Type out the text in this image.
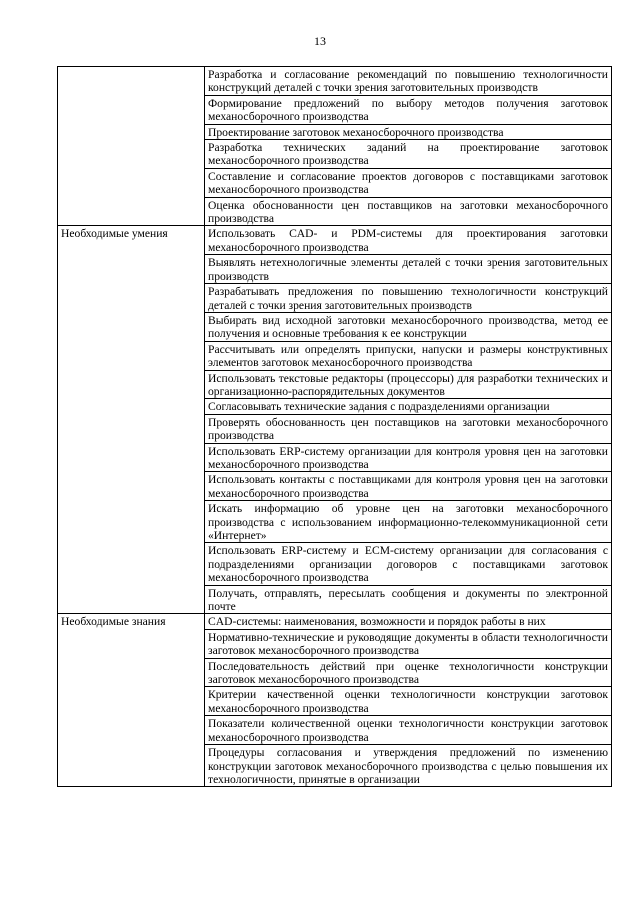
13
	Разработка и согласование рекомендаций по повышению технологичности конструкций деталей с точки зрения заготовительных производств
	Формирование предложений по выбору методов получения заготовок механосборочного производства
	Проектирование заготовок механосборочного производства
	Разработка технических заданий на проектирование заготовок механосборочного производства
	Составление и согласование проектов договоров с поставщиками заготовок механосборочного производства
	Оценка обоснованности цен поставщиков на заготовки механосборочного производства
Необходимые умения	Использовать CAD- и PDM-системы для проектирования заготовки механосборочного производства
	Выявлять нетехнологичные элементы деталей с точки зрения заготовительных производств
	Разрабатывать предложения по повышению технологичности конструкций деталей с точки зрения заготовительных производств
	Выбирать вид исходной заготовки механосборочного производства, метод ее получения и основные требования к ее конструкции
	Рассчитывать или определять припуски, напуски и размеры конструктивных элементов заготовок механосборочного производства
	Использовать текстовые редакторы (процессоры) для разработки технических и организационно-распорядительных документов
	Согласовывать технические задания с подразделениями организации
	Проверять обоснованность цен поставщиков на заготовки механосборочного производства
	Использовать ERP-систему организации для контроля уровня цен на заготовки механосборочного производства
	Использовать контакты с поставщиками для контроля уровня цен на заготовки механосборочного производства
	Искать информацию об уровне цен на заготовки механосборочного производства с использованием информационно-телекоммуникационной сети «Интернет»
	Использовать ERP-систему и ECM-систему организации для согласования с подразделениями организации договоров с поставщиками заготовок механосборочного производства
	Получать, отправлять, пересылать сообщения и документы по электронной почте
Необходимые знания	CAD-системы: наименования, возможности и порядок работы в них
	Нормативно-технические и руководящие документы в области технологичности заготовок механосборочного производства
	Последовательность действий при оценке технологичности конструкции заготовок механосборочного производства
	Критерии качественной оценки технологичности конструкции заготовок механосборочного производства
	Показатели количественной оценки технологичности конструкции заготовок механосборочного производства
	Процедуры согласования и утверждения предложений по изменению конструкции заготовок механосборочного производства с целью повышения их технологичности, принятые в организации
